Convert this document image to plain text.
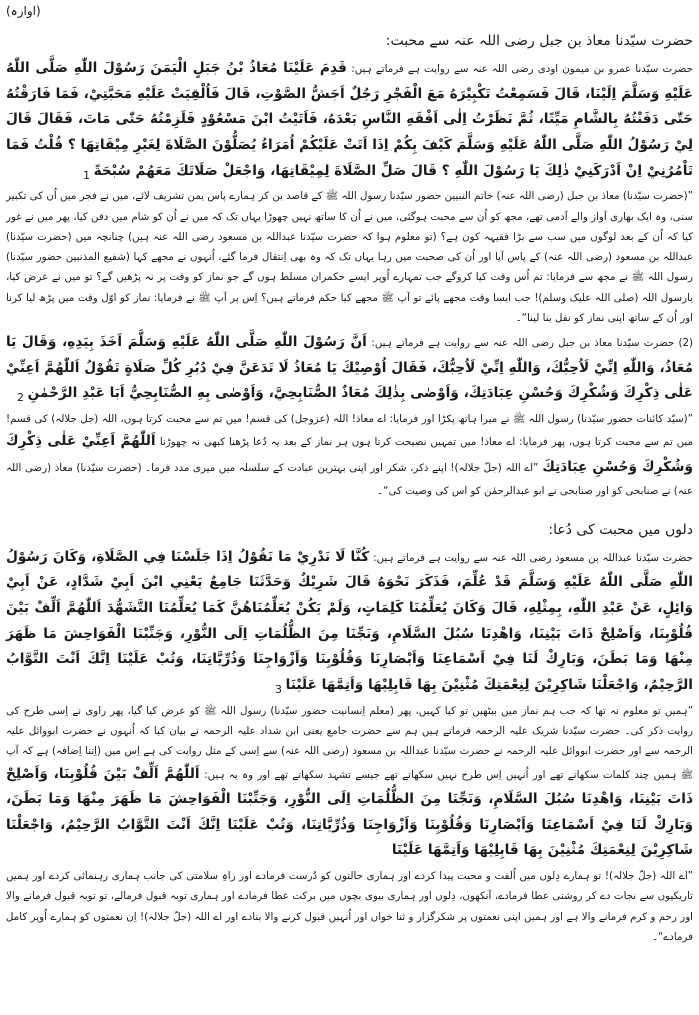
(اوارہ)
حضرت سیّدنا معاذ بن جبل رضی اللہ عنہ سے محبت:

حضرت سیّدنا عمرو بن میمون اودی رضی اللہ عنہ سے روایت ہے فرماتے ہیں: قَدِمَ عَلَيْنَا مُعَاذُ بْنُ جَبَلٍ الْيَمَنَ رَسُوْلَ اللّٰهِ صَلَّى اللّٰهُ عَلَيْهِ وَسَلَّمَ اِلَيْنَا، قَالَ فَسَمِعْتُ تَكْبِيْرَهُ مَعَ الْفَجْرِ رَجُلٌ اَجَشُّ الصَّوْتِ، قَالَ فَاُلْقِيَتْ عَلَيْهِ مَحَبَّتِيْ، فَمَا فَارَقْتُهُ حَتّٰى دَفَنْتُهُ بِالشَّامِ مَيِّتًا، ثُمَّ نَظَرْتُ اِلٰى اَفْقَهِ النَّاسِ بَعْدَهُ، فَاَتَيْتُ ابْنَ مَسْعُوْدٍ فَلَزِمْتُهُ حَتّٰى مَاتَ، فَقَالَ قَالَ لِيْ رَسُوْلُ اللّٰهِ صَلَّى اللّٰهُ عَلَيْهِ وَسَلَّمَ كَيْفَ بِكُمْ اِذَا اَتَتْ عَلَيْكُمْ اُمَرَاءُ يُصَلُّوْنَ الصَّلَاةَ لِغَيْرِ مِيْقَاتِهَا ؟ قُلْتُ فَمَا تَاْمُرُنِيْ اِنْ اَدْرَكَنِيْ ذٰلِكَ يَا رَسُوْلَ اللّٰهِ ؟ قَالَ صَلِّ الصَّلَاةَ لِمِيْقَاتِهَا، وَاجْعَلْ صَلَاتَكَ مَعَهُمْ سُبْحَةً $_1$

”(حضرت سیّدنا) معاذ بن جبل (رضی اللہ عنہ) خاتم النبیین حضور سیّدنا رسول اللہ ﷺ کے قاصد بن کر ہمارے پاس یمن تشریف لائے، میں نے فجر میں اُن کی تکبیر سنی، وہ ایک بھاری آواز والے آدمی تھے، مجھ کو اُن سے محبت ہوگئی، میں نے اُن کا ساتھ نہیں چھوڑا یہاں تک کہ میں نے اُن کو شام میں دفن کیا، پھر میں نے غور کیا کہ اُن کے بعد لوگوں میں سب سے بڑا فقیہہ کون ہے؟ (تو معلوم ہوا کہ حضرت سیّدنا عبداللہ بن مسعود رضی اللہ عنہ ہیں) چنانچہ میں (حضرت سیّدنا) عبداللہ بن مسعود (رضی اللہ عنہ) کے پاس آیا اور اُن کی صحبت میں رہا یہاں تک کہ وہ بھی اِنتقال فرما گئے، اُنہوں نے مجھے کہا (شفیع المذنبین حضور سیّدنا) رسول اللہ ﷺ نے مجھ سے فرمایا: تم اُس وقت کیا کروگے جب تمہارے اُوپر ایسے حکمران مسلط ہوں گے جو نماز کو وقت پر نہ پڑھیں گے؟ تو میں نے عرض کیا، یارسول اللہ (صلی اللہ علیک وسلم)! جب ایسا وقت مجھے پائے تو آپ ﷺ مجھے کیا حکم فرماتے ہیں؟ اِس پر آپ ﷺ نے فرمایا: نماز کو اوّل وقت میں پڑھ لیا کرنا اور اُن کے ساتھ اپنی نماز کو نفل بنا لینا“۔

(2) حضرت سیّدنا معاذ بن جبل رضی اللہ عنہ سے روایت ہے فرماتے ہیں: اَنَّ رَسُوْلَ اللّٰهِ صَلَّى اللّٰهُ عَلَيْهِ وَسَلَّمَ اَخَذَ بِيَدِهِ، وَقَالَ يَا مُعَاذُ، وَاللّٰهِ اِنِّيْ لَاُحِبُّكَ، وَاللّٰهِ اِنِّيْ لَاُحِبُّكَ، فَقَالَ اُوْصِيْكَ يَا مُعَاذُ لَا تَدَعَنَّ فِيْ دُبُرِ كُلِّ صَلَاةٍ تَقُوْلُ اَللّٰهُمَّ اَعِنِّيْ عَلٰى ذِكْرِكَ وَشُكْرِكَ وَحُسْنِ عِبَادَتِكَ، وَاَوْصٰى بِذٰلِكَ مُعَاذٌ الصُّنَابِحِيَّ، وَاَوْصٰى بِهِ الصُّنَابِحِيُّ اَبَا عَبْدِ الرَّحْمٰنِ $_2$

”(سیّد کائنات حضور سیّدنا) رسول اللہ ﷺ نے میرا ہاتھ پکڑا اور فرمایا: اے معاذ! اللہ (عزوجل) کی قسم! میں تم سے محبت کرتا ہوں، اللہ (جل جلالہ) کی قسم! میں تم سے محبت کرتا ہوں، پھر فرمایا: اے معاذ! میں تمہیں نصیحت کرتا ہوں ہر نماز کے بعد یہ دُعا پڑھنا کبھی نہ چھوڑنا اَللّٰهُمَّ اَعِنِّيْ عَلٰى ذِكْرِكَ وَشُكْرِكَ وَحُسْنِ عِبَادَتِكَ ”اے اللہ (جلّ جلالہ)! اپنے ذکر، شکر اور اپنی بہترین عبادت کے سلسلہ میں میری مدد فرما۔ (حضرت سیّدنا) معاذ (رضی اللہ عنہ) نے صنابحی کو اور صنابحی نے ابو عبدالرحمٰن کو اس کی وصیت کی“۔

دلوں میں محبت کی دُعا:

حضرت سیّدنا عبداللہ بن مسعود رضی اللہ عنہ سے روایت ہے فرماتے ہیں: كُنَّا لَا نَدْرِيْ مَا نَقُوْلُ اِذَا جَلَسْنَا فِي الصَّلَاةِ، وَكَانَ رَسُوْلُ اللّٰهِ صَلَّى اللّٰهُ عَلَيْهِ وَسَلَّمَ قَدْ عُلِّمَ، فَذَكَرَ نَحْوَهُ قَالَ شَرِيْكٌ وَحَدَّثَنَا جَامِعٌ يَعْنِي ابْنَ اَبِيْ شَدَّادٍ، عَنْ اَبِيْ وَائِلٍ، عَنْ عَبْدِ اللّٰهِ، بِمِثْلِهِ، قَالَ وَكَانَ يُعَلِّمُنَا كَلِمَاتٍ، وَلَمْ يَكُنْ يُعَلِّمُنَاهُنَّ كَمَا يُعَلِّمُنَا التَّشَهُّدَ اَللّٰهُمَّ اَلِّفْ بَيْنَ قُلُوْبِنَا، وَاَصْلِحْ ذَاتَ بَيْنِنَا، وَاهْدِنَا سُبُلَ السَّلَامِ، وَنَجِّنَا مِنَ الظُّلُمَاتِ اِلَى النُّوْرِ، وَجَنِّبْنَا الْفَوَاحِشَ مَا ظَهَرَ مِنْهَا وَمَا بَطَنَ، وَبَارِكْ لَنَا فِيْ اَسْمَاعِنَا وَاَبْصَارِنَا وَقُلُوْبِنَا وَاَزْوَاجِنَا وَذُرِّيَّاتِنَا، وَتُبْ عَلَيْنَا اِنَّكَ اَنْتَ التَّوَّابُ الرَّحِيْمُ، وَاجْعَلْنَا شَاكِرِيْنَ لِنِعْمَتِكَ مُثْنِيْنَ بِهَا قَابِلِيْهَا وَاَتِمَّهَا عَلَيْنَا $_3$

”ہمیں تو معلوم نہ تھا کہ جب ہم نماز میں بیٹھیں تو کیا کہیں، پھر (معلم اِنسانیت حضور سیّدنا) رسول اللہ ﷺ کو عرض کیا گیا، پھر راوی نے اِسی طرح کی روایت ذکر کی۔ حضرت سیّدنا شریک علیہ الرحمہ فرماتے ہیں ہم سے حضرت جامع یعنی ابن شداد علیہ الرحمہ نے بیان کیا کہ اُنہوں نے حضرت ابووائل علیہ الرحمہ سے اور حضرت ابووائل علیہ الرحمہ نے حضرت سیّدنا عبداللہ بن مسعود (رضی اللہ عنہ) سے اِسی کے مثل روایت کی ہے اِس میں (اِتنا اِضافہ) ہے کہ آپ ﷺ ہمیں چند کلمات سکھاتے تھے اور اُنہیں اِس طرح نہیں سکھاتے تھے جیسے تشہد سکھاتے تھے اور وہ یہ ہیں: اَللّٰهُمَّ اَلِّفْ بَيْنَ قُلُوْبِنَا، وَاَصْلِحْ ذَاتَ بَيْنِنَا، وَاهْدِنَا سُبُلَ السَّلَامِ، وَنَجِّنَا مِنَ الظُّلُمَاتِ اِلَى النُّوْرِ، وَجَنِّبْنَا الْفَوَاحِشَ مَا ظَهَرَ مِنْهَا وَمَا بَطَنَ، وَبَارِكْ لَنَا فِيْ اَسْمَاعِنَا وَاَبْصَارِنَا وَقُلُوْبِنَا وَاَزْوَاجِنَا وَذُرِّيَّاتِنَا، وَتُبْ عَلَيْنَا اِنَّكَ اَنْتَ التَّوَّابُ الرَّحِيْمُ، وَاجْعَلْنَا شَاكِرِيْنَ لِنِعْمَتِكَ مُثْنِيْنَ بِهَا قَابِلِيْهَا وَاَتِمَّهَا عَلَيْنَا

”اے اللہ (جلّ جلالہ)! تو ہمارے دِلوں میں اُلفت و محبت پیدا کردے اور ہماری حالتوں کو دُرست فرمادے اور راہِ سلامتی کی جانب ہماری رہنمائی کردے اور ہمیں تاریکیوں سے نجات دے کر روشنی عطا فرمادے، آنکھوں، دِلوں اور ہماری بیوی بچوں میں برکت عطا فرمادے اور ہماری توبہ قبول فرمالے، تو توبہ قبول فرمانے والا اور رحم و کرم فرمانے والا ہے اور ہمیں اپنی نعمتوں پر شکرگزار و ثنا خواں اور اُنہیں قبول کرنے والا بنادے اور اے اللہ (جلّ جلالہ)! اِن نعمتوں کو ہمارے اُوپر کامل فرمادے“۔
